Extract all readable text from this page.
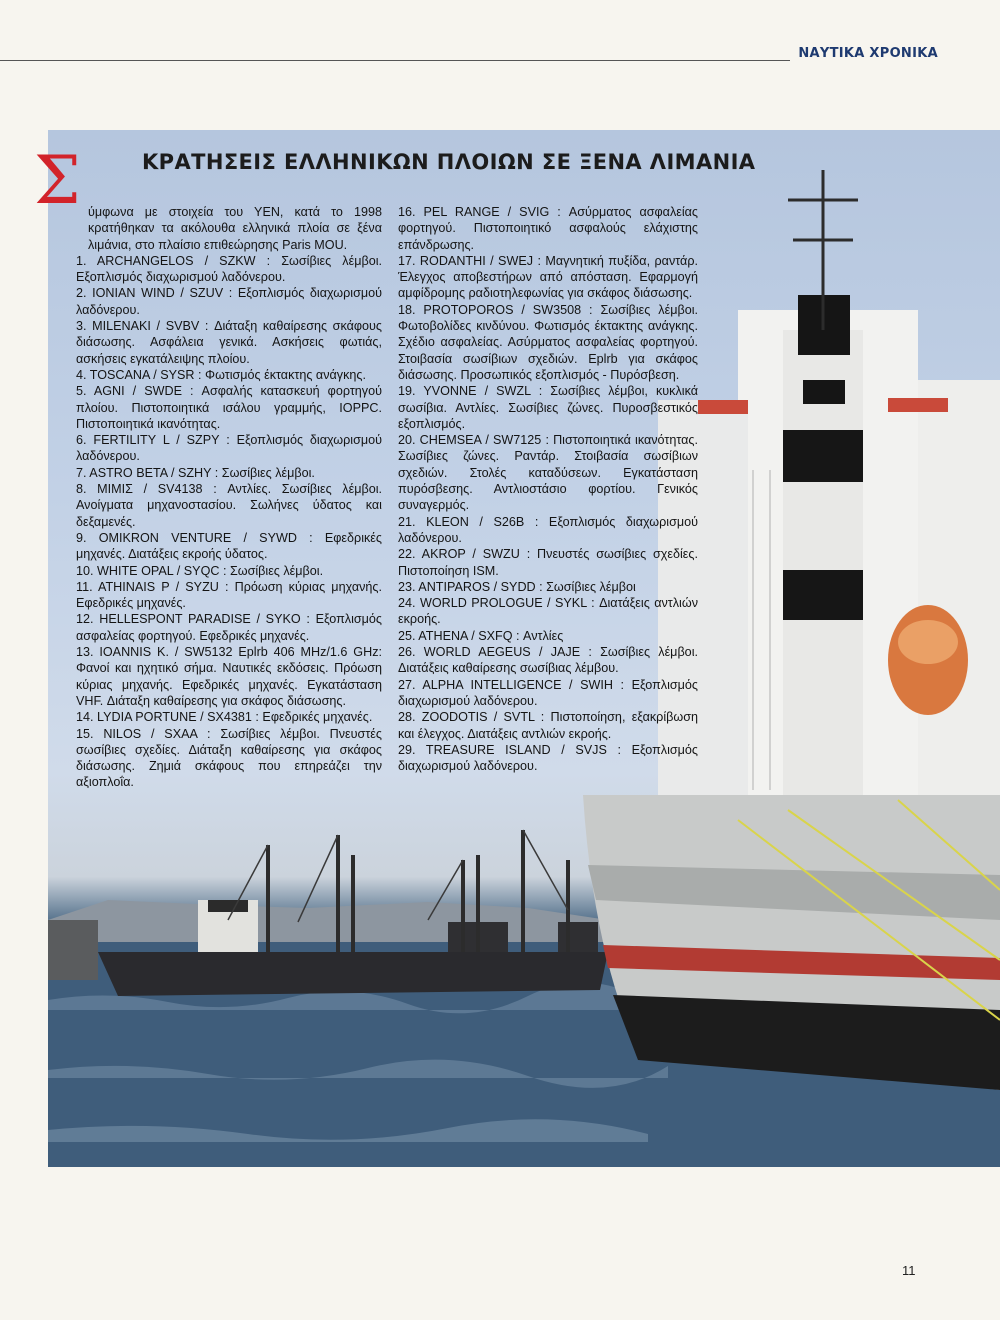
ΝΑΥΤΙΚΑ ΧΡΟΝΙΚΑ
Σ	ΚΡΑΤΗΣΕΙΣ ΕΛΛΗΝΙΚΩΝ ΠΛΟΙΩΝ ΣΕ ΞΕΝΑ ΛΙΜΑΝΙΑ

ύμφωνα με στοιχεία του ΥΕΝ, κατά το 1998 κρατήθηκαν τα ακόλουθα ελληνικά πλοία σε ξένα λιμάνια, στο πλαίσιο επιθεώρησης Paris MOU.

1. ARCHANGELOS / SZKW : Σωσίβιες λέμβοι. Εξοπλισμός διαχωρισμού λαδόνερου.

2. IONIAN WIND / SZUV : Εξοπλισμός διαχωρισμού λαδόνερου.

3. MILENAKI / SVBV : Διάταξη καθαίρεσης σκάφους διάσωσης. Ασφάλεια γενικά. Ασκήσεις φωτιάς, ασκήσεις εγκατάλειψης πλοίου.

4. TOSCANA / SYSR : Φωτισμός έκτακτης ανάγκης.

5. AGNI / SWDE : Ασφαλής κατασκευή φορτηγού πλοίου. Πιστοποιητικά ισάλου γραμμής, IOPPC. Πιστοποιητικά ικανότητας.

6. FERTILITY L / SZPY : Εξοπλισμός διαχωρισμού λαδόνερου.

7. ASTRO BETA / SZHY : Σωσίβιες λέμβοι.

8. MIMIΣ / SV4138 : Αντλίες. Σωσίβιες λέμβοι. Ανοίγματα μηχανοστασίου. Σωλήνες ύδατος και δεξαμενές.

9. OMIKRON VENTURE / SYWD : Εφεδρικές μηχανές. Διατάξεις εκροής ύδατος.

10. WHITE OPAL / SYQC : Σωσίβιες λέμβοι.

11. ATHINAIS P / SYZU : Πρόωση κύριας μηχανής. Εφεδρικές μηχανές.

12. HELLESPONT PARADISE / SYKO : Εξοπλισμός ασφαλείας φορτηγού. Εφεδρικές μηχανές.

13. IOANNIS K. / SW5132 Eplrb 406 MHz/1.6 GHz: Φανοί και ηχητικό σήμα. Ναυτικές εκδόσεις. Πρόωση κύριας μηχανής. Εφεδρικές μηχανές. Εγκατάσταση VHF. Διάταξη καθαίρεσης για σκάφος διάσωσης.

14. LYDIA PORTUNE / SX4381 : Εφεδρικές μηχανές.

15. NILOS / SXAA : Σωσίβιες λέμβοι. Πνευστές σωσίβιες σχεδίες. Διάταξη καθαίρεσης για σκάφος διάσωσης. Ζημιά σκάφους που επηρεάζει την αξιοπλοΐα.

16. PEL RANGE / SVIG : Ασύρματος ασφαλείας φορτηγού. Πιστοποιητικό ασφαλούς ελάχιστης επάνδρωσης.

17. RODANTHI / SWEJ : Μαγνητική πυξίδα, ραντάρ. Έλεγχος αποβεστήρων από απόσταση. Εφαρμογή αμφίδρομης ραδιοτηλεφωνίας για σκάφος διάσωσης.

18. PROTOPOROS / SW3508 : Σωσίβιες λέμβοι. Φωτοβολίδες κινδύνου. Φωτισμός έκτακτης ανάγκης. Σχέδιο ασφαλείας. Ασύρματος ασφαλείας φορτηγού. Στοιβασία σωσίβιων σχεδιών. Eplrb για σκάφος διάσωσης. Προσωπικός εξοπλισμός - Πυρόσβεση.

19. YVONNE / SWZL : Σωσίβιες λέμβοι, κυκλικά σωσίβια. Αντλίες. Σωσίβιες ζώνες. Πυροσβεστικός εξοπλισμός.

20. CHEMSEA / SW7125 : Πιστοποιητικά ικανότητας. Σωσίβιες ζώνες. Ραντάρ. Στοιβασία σωσίβιων σχεδιών. Στολές καταδύσεων. Εγκατάσταση πυρόσβεσης. Αντλιοστάσιο φορτίου. Γενικός συναγερμός.

21. KLEON / S26B : Εξοπλισμός διαχωρισμού λαδόνερου.

22. AKROP / SWZU : Πνευστές σωσίβιες σχεδίες. Πιστοποίηση ISM.

23. ANTIPAROS / SYDD : Σωσίβιες λέμβοι

24. WORLD PROLOGUE / SYKL : Διατάξεις αντλιών εκροής.

25. ATHENA / SXFQ : Αντλίες

26. WORLD AEGEUS / JAJE : Σωσίβιες λέμβοι. Διατάξεις καθαίρεσης σωσίβιας λέμβου.

27. ALPHA INTELLIGENCE / SWIH : Εξοπλισμός διαχωρισμού λαδόνερου.

28. ZOODOTIS / SVTL : Πιστοποίηση, εξακρίβωση και έλεγχος. Διατάξεις αντλιών εκροής.

29. TREASURE ISLAND / SVJS : Εξοπλισμός διαχωρισμού λαδόνερου.

11
